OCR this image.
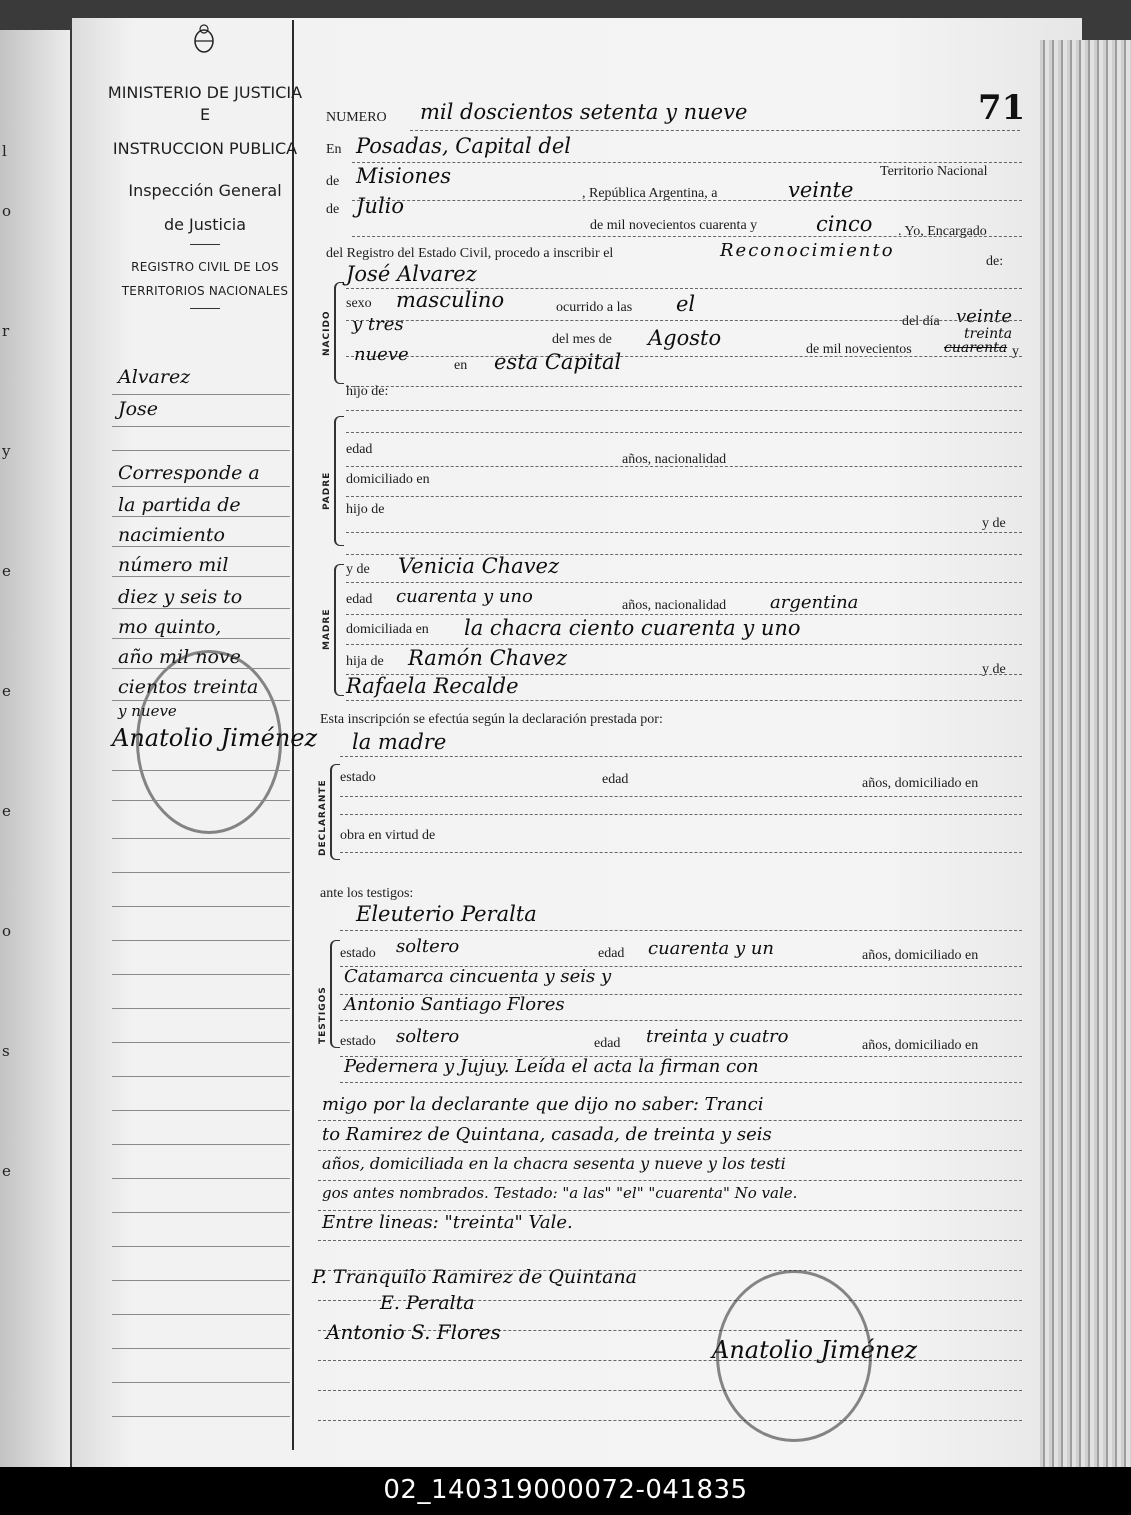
l
o
r
y
e
e
e
o
s
e
MINISTERIO DE JUSTICIA
E
INSTRUCCION PUBLICA
Inspección General
de Justicia
REGISTRO CIVIL DE LOS
TERRITORIOS NACIONALES
Alvarez
Jose
Corresponde a
la partida de
nacimiento
número mil
diez y seis to
mo quinto,
año mil nove
cientos treinta
y nueve
Anatolio Jiménez
71
NUMERO mil doscientos setenta y nueve
En Posadas, Capital del
Territorio Nacional
de Misiones
, República Argentina, a	veinte
de Julio
de mil novecientos cuarenta y	cinco . Yo, Encargado
del Registro del Estado Civil, procedo a inscribir el	Reconocimiento
de:
NACIDO
José Alvarez
sexo masculino	ocurrido a las el
del día veinte
y tres
del mes de Agosto	treinta
de mil novecientos cuarenta y
nueve
en esta Capital
hijo de:
PADRE
edad
años, nacionalidad
domiciliado en
hijo de
y de
MADRE
y de Venicia Chavez
edad cuarenta y uno	años, nacionalidad argentina
domiciliada en la chacra ciento cuarenta y uno
hija de Ramón Chavez	y de
Rafaela Recalde
Esta inscripción se efectúa según la declaración prestada por:
la madre
DECLARANTE
estado	edad	años, domiciliado en
obra en virtud de
ante los testigos:
Eleuterio Peralta
TESTIGOS
estado soltero	edad cuarenta y un	años, domiciliado en
Catamarca cincuenta y seis y
Antonio Santiago Flores
estado soltero	edad treinta y cuatro	años, domiciliado en
Pedernera y Jujuy. Leída el acta la firman con
migo por la declarante que dijo no saber: Tranci
to Ramirez de Quintana, casada, de treinta y seis
años, domiciliada en la chacra sesenta y nueve y los testi
gos antes nombrados. Testado: "a las" "el" "cuarenta" No vale.
Entre lineas: "treinta" Vale.
P. Tranquilo Ramirez de Quintana
E. Peralta
Antonio S. Flores
Anatolio Jiménez
02_140319000072-041835
